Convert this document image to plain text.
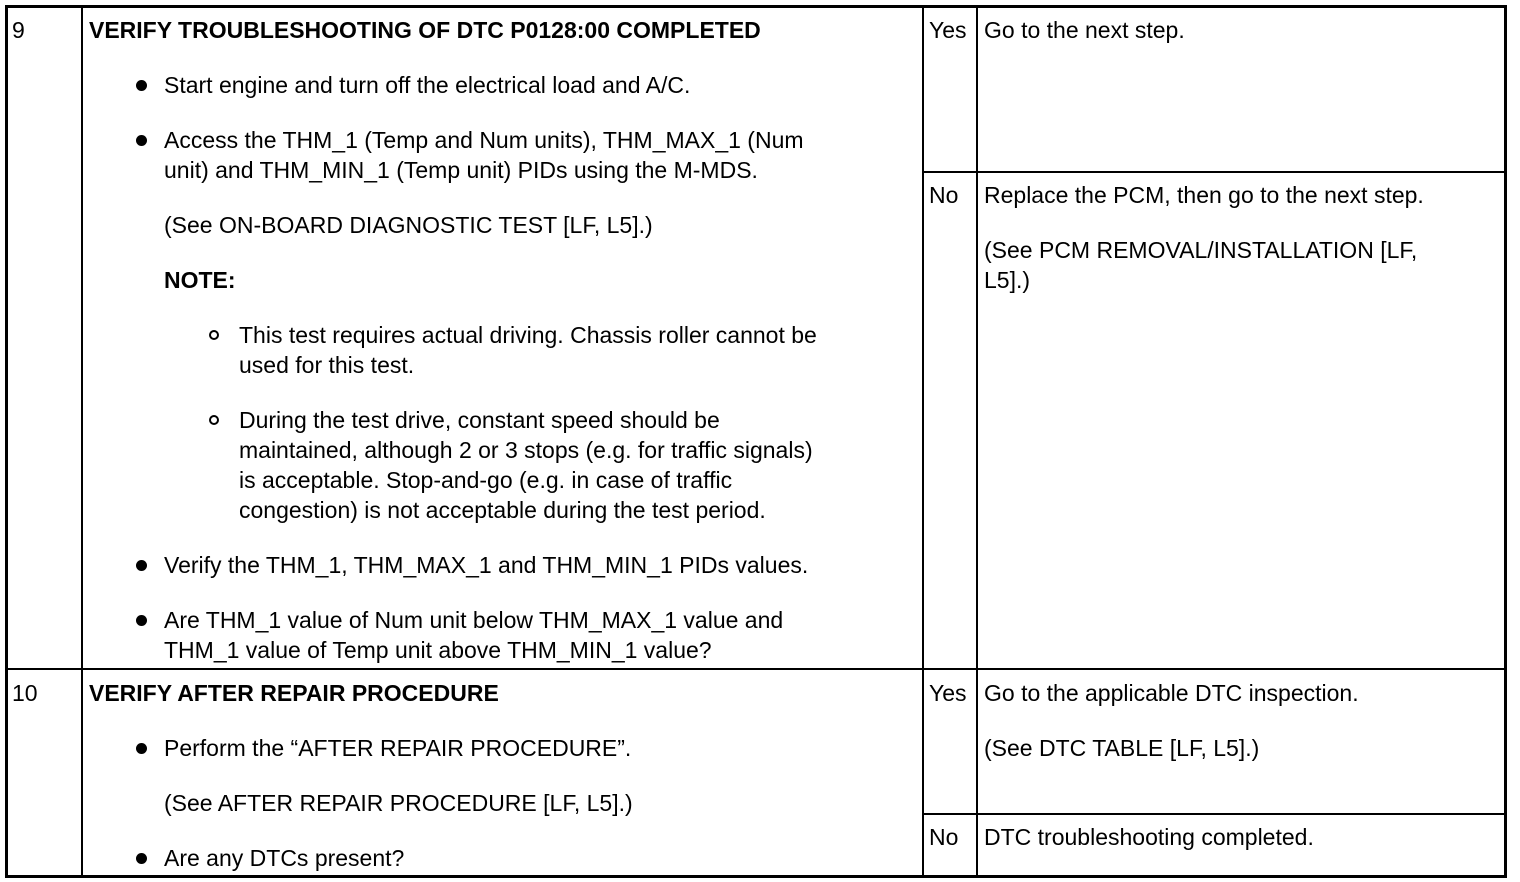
9	VERIFY TROUBLESHOOTING OF DTC P0128:00 COMPLETED
Start engine and turn off the electrical load and A/C.
Access the THM_1 (Temp and Num units), THM_MAX_1 (Num
unit) and THM_MIN_1 (Temp unit) PIDs using the M-MDS.
(See ON-BOARD DIAGNOSTIC TEST [LF, L5].)
NOTE:
This test requires actual driving. Chassis roller cannot be
used for this test.
During the test drive, constant speed should be
maintained, although 2 or 3 stops (e.g. for traffic signals)
is acceptable. Stop-and-go (e.g. in case of traffic
congestion) is not acceptable during the test period.
Verify the THM_1, THM_MAX_1 and THM_MIN_1 PIDs values.
Are THM_1 value of Num unit below THM_MAX_1 value and
THM_1 value of Temp unit above THM_MIN_1 value?
Yes Go to the next step.
No Replace the PCM, then go to the next step.
(See PCM REMOVAL/INSTALLATION [LF,
L5].)
10 VERIFY AFTER REPAIR PROCEDURE
Perform the “AFTER REPAIR PROCEDURE”.
(See AFTER REPAIR PROCEDURE [LF, L5].)
Are any DTCs present?
Yes Go to the applicable DTC inspection.
(See DTC TABLE [LF, L5].)
No DTC troubleshooting completed.
